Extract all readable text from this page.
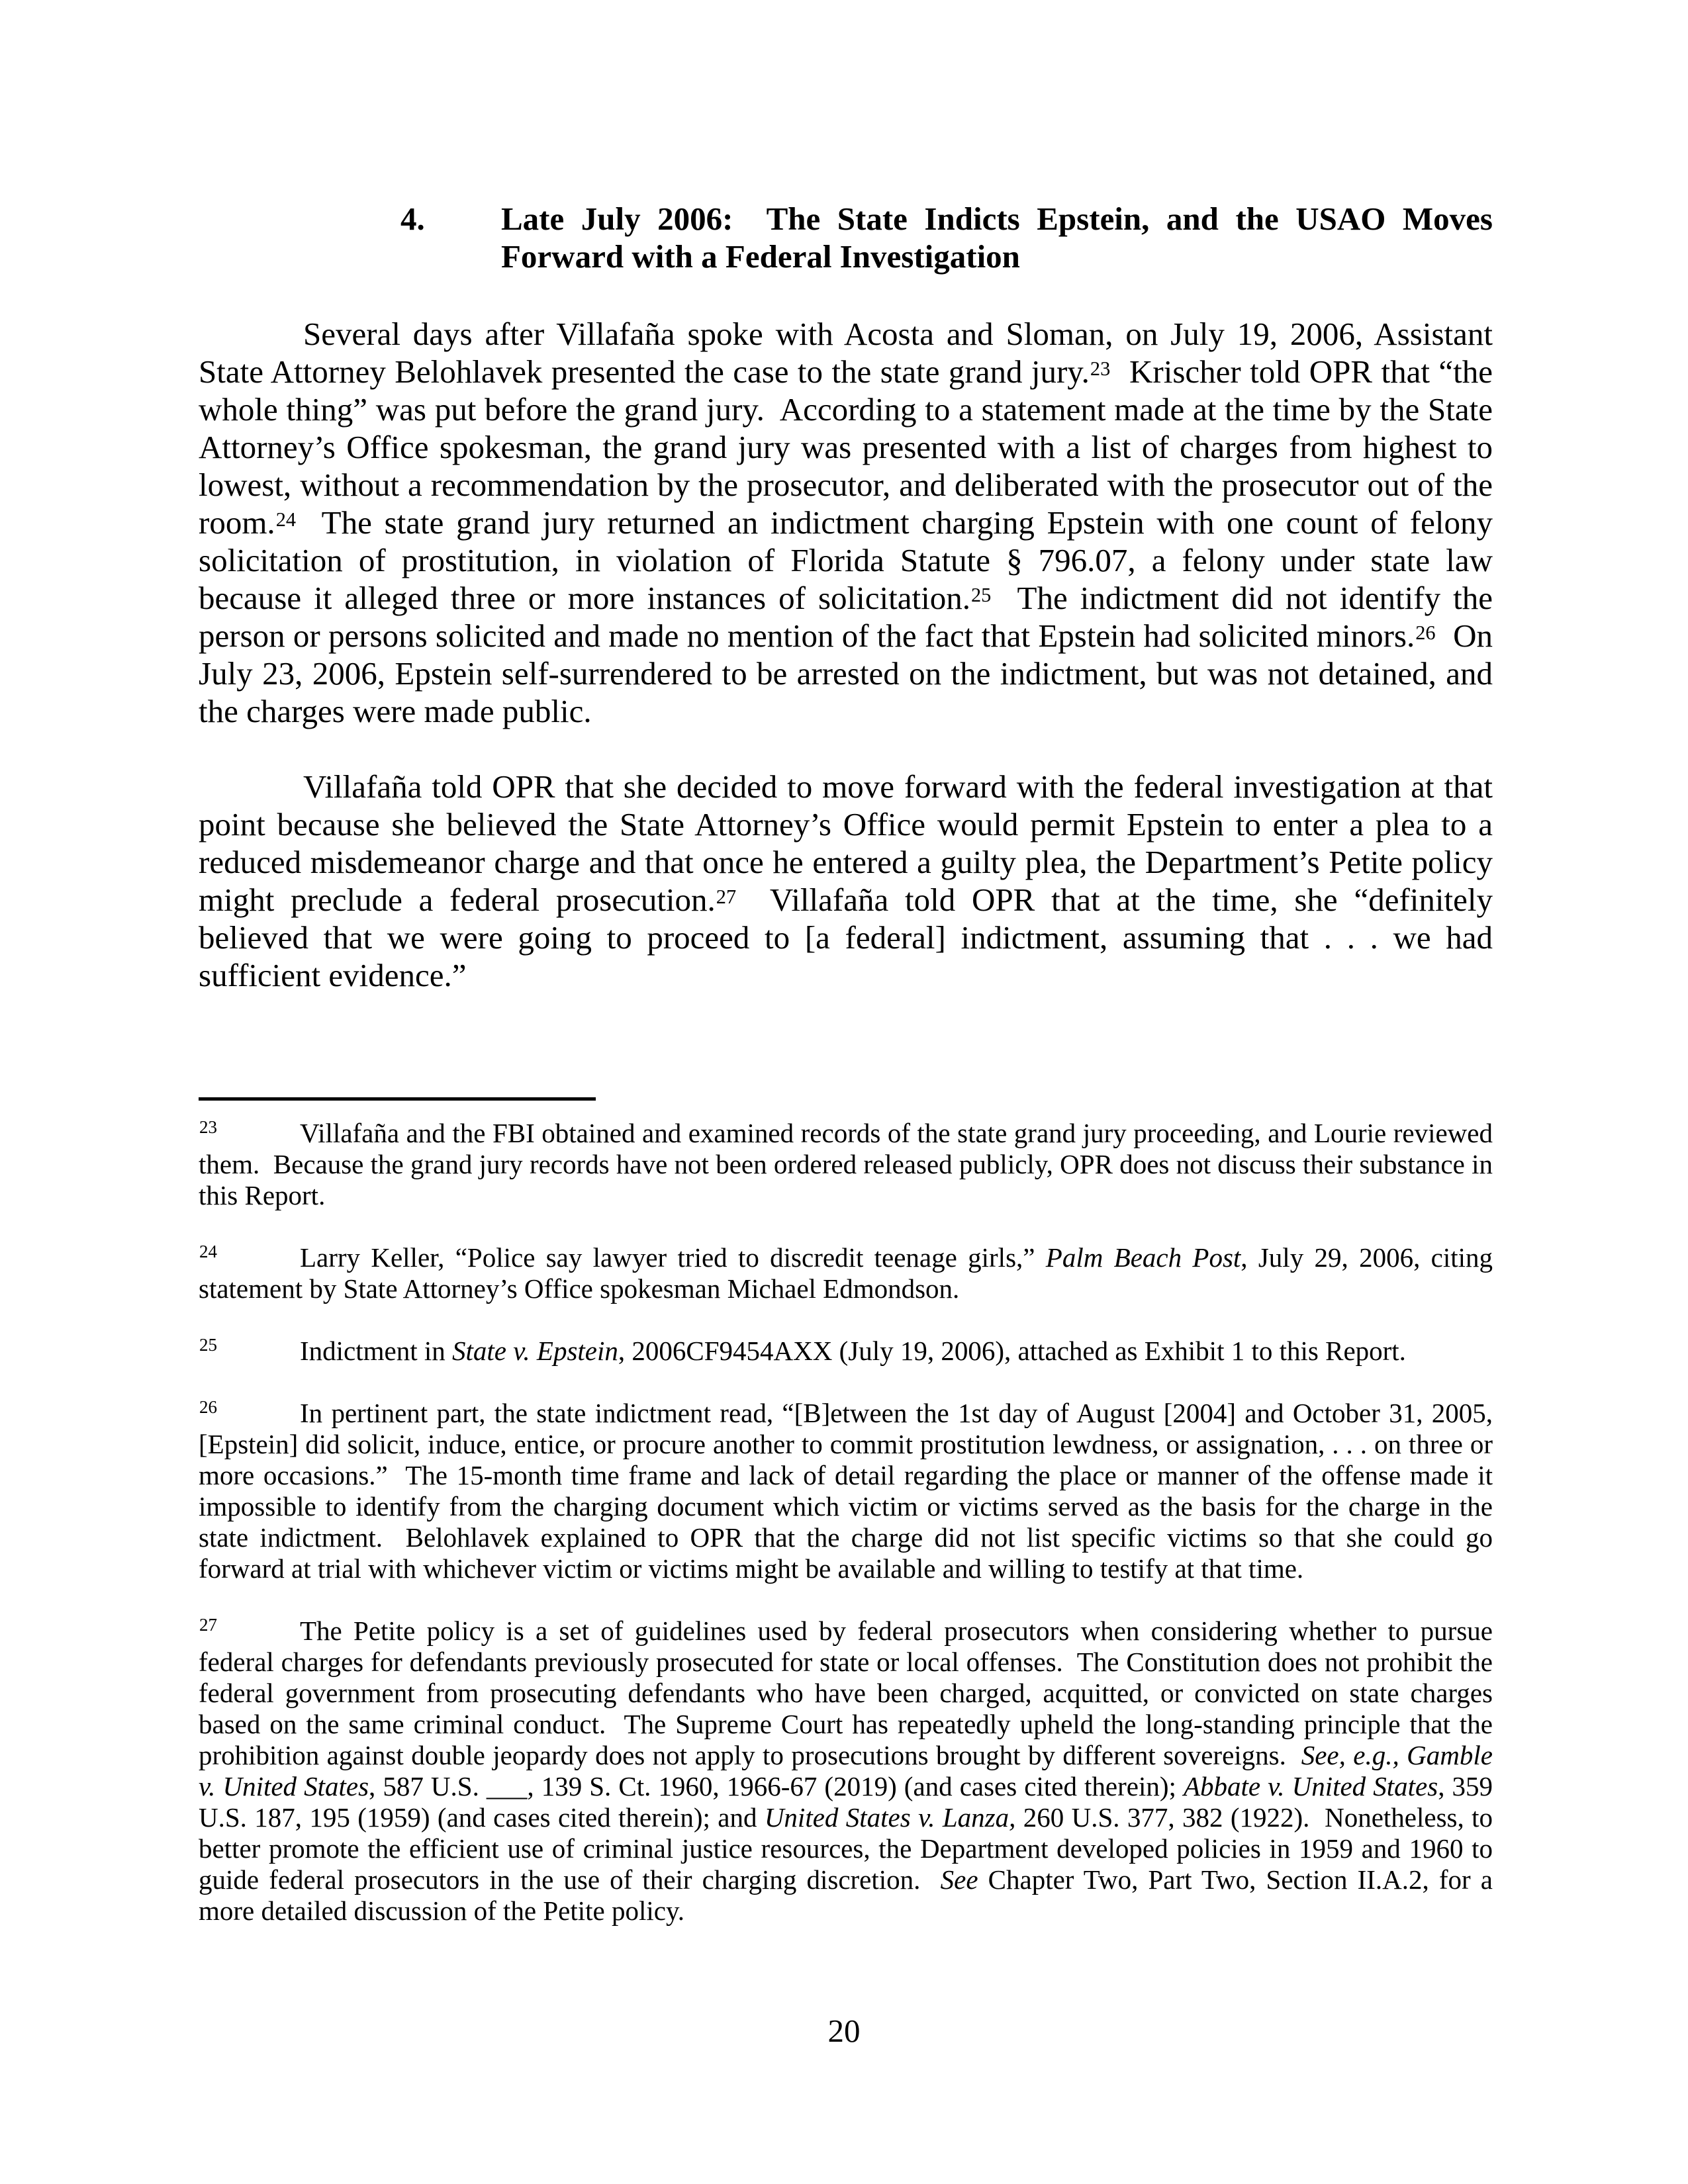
4.	Late July 2006:  The State Indicts Epstein, and the USAO Moves Forward with a Federal Investigation

Several days after Villafaña spoke with Acosta and Sloman, on July 19, 2006, Assistant State Attorney Belohlavek presented the case to the state grand jury.$^{23}$  Krischer told OPR that “the whole thing” was put before the grand jury.  According to a statement made at the time by the State Attorney’s Office spokesman, the grand jury was presented with a list of charges from highest to lowest, without a recommendation by the prosecutor, and deliberated with the prosecutor out of the room.$^{24}$  The state grand jury returned an indictment charging Epstein with one count of felony solicitation of prostitution, in violation of Florida Statute § 796.07, a felony under state law because it alleged three or more instances of solicitation.$^{25}$  The indictment did not identify the person or persons solicited and made no mention of the fact that Epstein had solicited minors.$^{26}$  On July 23, 2006, Epstein self-surrendered to be arrested on the indictment, but was not detained, and the charges were made public.

Villafaña told OPR that she decided to move forward with the federal investigation at that point because she believed the State Attorney’s Office would permit Epstein to enter a plea to a reduced misdemeanor charge and that once he entered a guilty plea, the Department’s Petite policy might preclude a federal prosecution.$^{27}$  Villafaña told OPR that at the time, she “definitely believed that we were going to proceed to [a federal] indictment, assuming that . . . we had sufficient evidence.”

$^{23}$	Villafaña and the FBI obtained and examined records of the state grand jury proceeding, and Lourie reviewed them.  Because the grand jury records have not been ordered released publicly, OPR does not discuss their substance in this Report.

$^{24}$	Larry Keller, “Police say lawyer tried to discredit teenage girls,” Palm Beach Post, July 29, 2006, citing statement by State Attorney’s Office spokesman Michael Edmondson.

$^{25}$	Indictment in State v. Epstein, 2006CF9454AXX (July 19, 2006), attached as Exhibit 1 to this Report.

$^{26}$	In pertinent part, the state indictment read, “[B]etween the 1st day of August [2004] and October 31, 2005, [Epstein] did solicit, induce, entice, or procure another to commit prostitution lewdness, or assignation, . . . on three or more occasions.”  The 15-month time frame and lack of detail regarding the place or manner of the offense made it impossible to identify from the charging document which victim or victims served as the basis for the charge in the state indictment.  Belohlavek explained to OPR that the charge did not list specific victims so that she could go forward at trial with whichever victim or victims might be available and willing to testify at that time.

$^{27}$	The Petite policy is a set of guidelines used by federal prosecutors when considering whether to pursue federal charges for defendants previously prosecuted for state or local offenses.  The Constitution does not prohibit the federal government from prosecuting defendants who have been charged, acquitted, or convicted on state charges based on the same criminal conduct.  The Supreme Court has repeatedly upheld the long-standing principle that the prohibition against double jeopardy does not apply to prosecutions brought by different sovereigns.  See, e.g., Gamble v. United States, 587 U.S. ___, 139 S. Ct. 1960, 1966-67 (2019) (and cases cited therein); Abbate v. United States, 359 U.S. 187, 195 (1959) (and cases cited therein); and United States v. Lanza, 260 U.S. 377, 382 (1922).  Nonetheless, to better promote the efficient use of criminal justice resources, the Department developed policies in 1959 and 1960 to guide federal prosecutors in the use of their charging discretion.  See Chapter Two, Part Two, Section II.A.2, for a more detailed discussion of the Petite policy.

20
